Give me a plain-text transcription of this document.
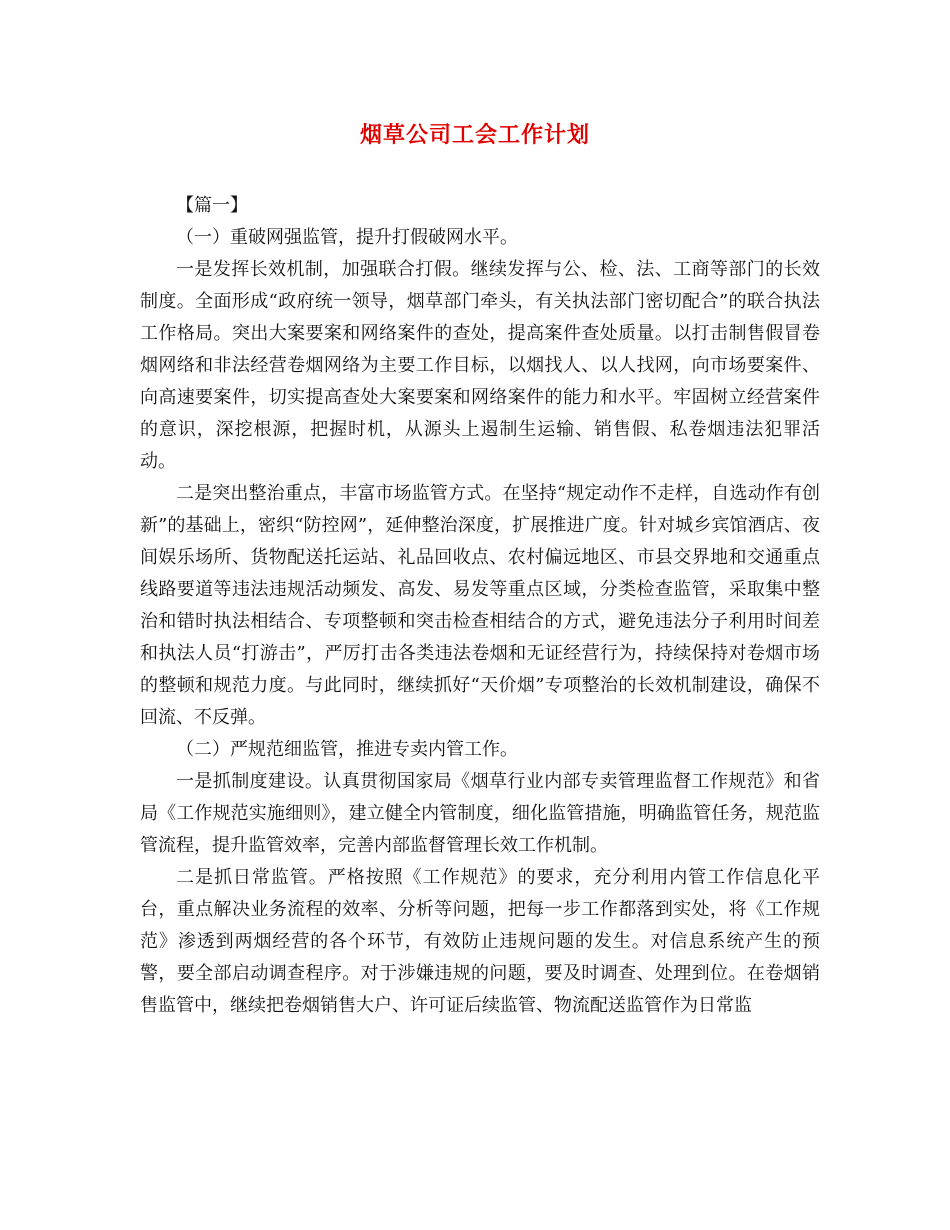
烟草公司工会工作计划

【篇一】

（一）重破网强监管，提升打假破网水平。

一是发挥长效机制，加强联合打假。继续发挥与公、检、法、工商等部门的长效制度。全面形成“政府统一领导，烟草部门牵头，有关执法部门密切配合”的联合执法工作格局。突出大案要案和网络案件的查处，提高案件查处质量。以打击制售假冒卷烟网络和非法经营卷烟网络为主要工作目标，以烟找人、以人找网，向市场要案件、向高速要案件，切实提高查处大案要案和网络案件的能力和水平。牢固树立经营案件的意识，深挖根源，把握时机，从源头上遏制生运输、销售假、私卷烟违法犯罪活动。

二是突出整治重点，丰富市场监管方式。在坚持“规定动作不走样，自选动作有创新”的基础上，密织“防控网”，延伸整治深度，扩展推进广度。针对城乡宾馆酒店、夜间娱乐场所、货物配送托运站、礼品回收点、农村偏远地区、市县交界地和交通重点线路要道等违法违规活动频发、高发、易发等重点区域，分类检查监管，采取集中整治和错时执法相结合、专项整顿和突击检查相结合的方式，避免违法分子利用时间差和执法人员“打游击”，严厉打击各类违法卷烟和无证经营行为，持续保持对卷烟市场的整顿和规范力度。与此同时，继续抓好“天价烟”专项整治的长效机制建设，确保不回流、不反弹。

（二）严规范细监管，推进专卖内管工作。

一是抓制度建设。认真贯彻国家局《烟草行业内部专卖管理监督工作规范》和省局《工作规范实施细则》，建立健全内管制度，细化监管措施，明确监管任务，规范监管流程，提升监管效率，完善内部监督管理长效工作机制。

二是抓日常监管。严格按照《工作规范》的要求，充分利用内管工作信息化平台，重点解决业务流程的效率、分析等问题，把每一步工作都落到实处，将《工作规范》渗透到两烟经营的各个环节，有效防止违规问题的发生。对信息系统产生的预警，要全部启动调查程序。对于涉嫌违规的问题，要及时调查、处理到位。在卷烟销售监管中，继续把卷烟销售大户、许可证后续监管、物流配送监管作为日常监
